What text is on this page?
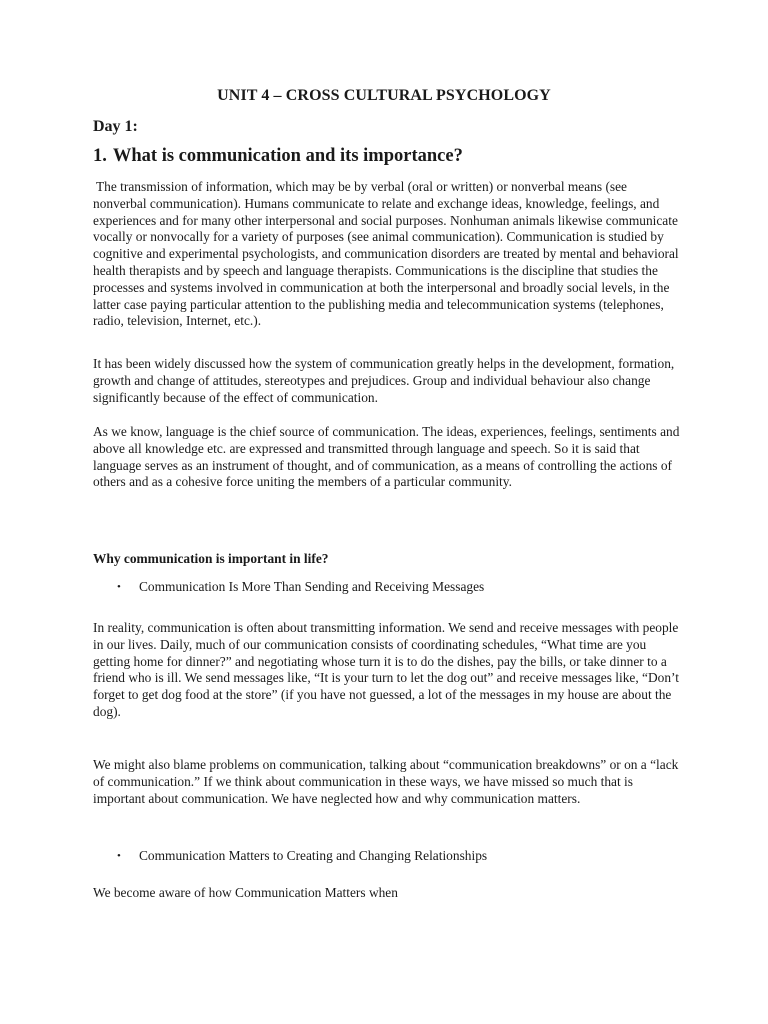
UNIT 4 – CROSS CULTURAL PSYCHOLOGY
Day 1:
1. What is communication and its importance?

The transmission of information, which may be by verbal (oral or written) or nonverbal means (see nonverbal communication). Humans communicate to relate and exchange ideas, knowledge, feelings, and experiences and for many other interpersonal and social purposes. Nonhuman animals likewise communicate vocally or nonvocally for a variety of purposes (see animal communication). Communication is studied by cognitive and experimental psychologists, and communication disorders are treated by mental and behavioral health therapists and by speech and language therapists. Communications is the discipline that studies the processes and systems involved in communication at both the interpersonal and broadly social levels, in the latter case paying particular attention to the publishing media and telecommunication systems (telephones, radio, television, Internet, etc.).

It has been widely discussed how the system of communication greatly helps in the development, formation, growth and change of attitudes, stereotypes and prejudices. Group and individual behaviour also change significantly because of the effect of communication.

As we know, language is the chief source of communication. The ideas, experiences, feelings, sentiments and above all knowledge etc. are expressed and transmitted through language and speech. So it is said that language serves as an instrument of thought, and of communication, as a means of controlling the actions of others and as a cohesive force uniting the members of a particular community.

Why communication is important in life?
• Communication Is More Than Sending and Receiving Messages

In reality, communication is often about transmitting information. We send and receive messages with people in our lives. Daily, much of our communication consists of coordinating schedules, “What time are you getting home for dinner?” and negotiating whose turn it is to do the dishes, pay the bills, or take dinner to a friend who is ill. We send messages like, “It is your turn to let the dog out” and receive messages like, “Don’t forget to get dog food at the store” (if you have not guessed, a lot of the messages in my house are about the dog).

We might also blame problems on communication, talking about “communication breakdowns” or on a “lack of communication.” If we think about communication in these ways, we have missed so much that is important about communication. We have neglected how and why communication matters.

• Communication Matters to Creating and Changing Relationships

We become aware of how Communication Matters when
